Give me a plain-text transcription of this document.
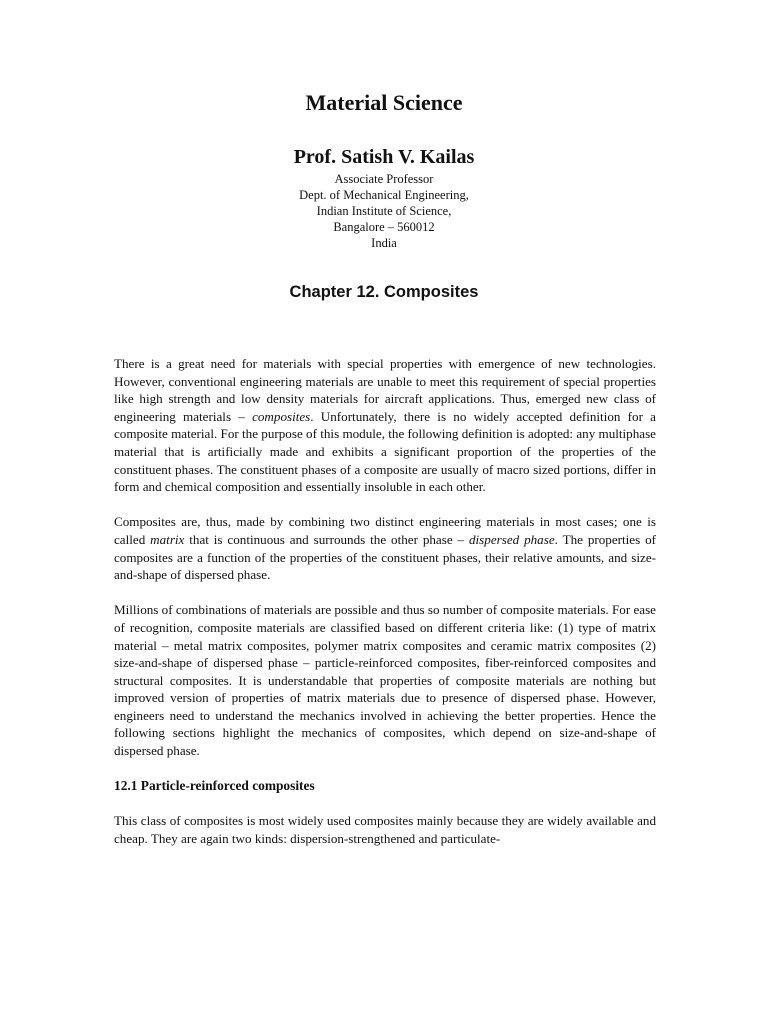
Material Science
Prof. Satish V. Kailas
Associate Professor
Dept. of Mechanical Engineering,
Indian Institute of Science,
Bangalore – 560012
India
Chapter 12. Composites

There is a great need for materials with special properties with emergence of new technologies. However, conventional engineering materials are unable to meet this requirement of special properties like high strength and low density materials for aircraft applications. Thus, emerged new class of engineering materials – composites. Unfortunately, there is no widely accepted definition for a composite material. For the purpose of this module, the following definition is adopted: any multiphase material that is artificially made and exhibits a significant proportion of the properties of the constituent phases. The constituent phases of a composite are usually of macro sized portions, differ in form and chemical composition and essentially insoluble in each other.

Composites are, thus, made by combining two distinct engineering materials in most cases; one is called matrix that is continuous and surrounds the other phase – dispersed phase. The properties of composites are a function of the properties of the constituent phases, their relative amounts, and size-and-shape of dispersed phase.

Millions of combinations of materials are possible and thus so number of composite materials. For ease of recognition, composite materials are classified based on different criteria like: (1) type of matrix material – metal matrix composites, polymer matrix composites and ceramic matrix composites (2) size-and-shape of dispersed phase – particle-reinforced composites, fiber-reinforced composites and structural composites. It is understandable that properties of composite materials are nothing but improved version of properties of matrix materials due to presence of dispersed phase. However, engineers need to understand the mechanics involved in achieving the better properties. Hence the following sections highlight the mechanics of composites, which depend on size-and-shape of dispersed phase.

12.1 Particle-reinforced composites

This class of composites is most widely used composites mainly because they are widely available and cheap. They are again two kinds: dispersion-strengthened and particulate-
